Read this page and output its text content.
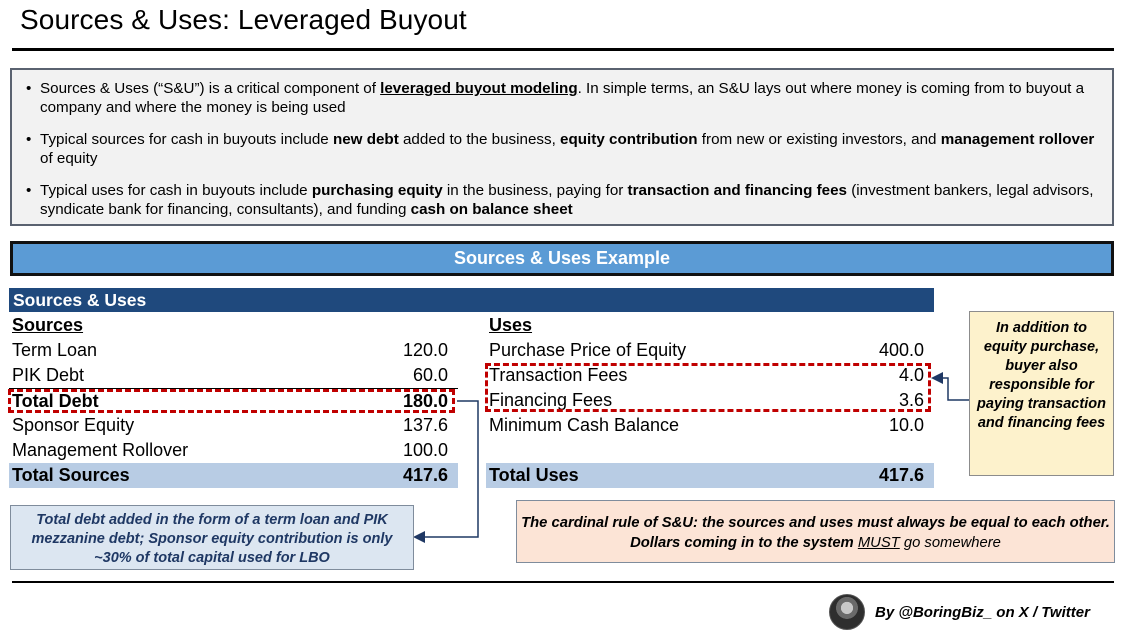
Sources & Uses: Leveraged Buyout
• Sources & Uses (“S&U”) is a critical component of leveraged buyout modeling. In simple terms, an S&U lays out where money is coming from to buyout a company and where the money is being used
• Typical sources for cash in buyouts include new debt added to the business, equity contribution from new or existing investors, and management rollover of equity
• Typical uses for cash in buyouts include purchasing equity in the business, paying for transaction and financing fees (investment bankers, legal advisors, syndicate bank for financing, consultants), and funding cash on balance sheet
Sources & Uses Example
Sources & Uses
Sources
Term Loan	120.0
PIK Debt	60.0
Total Debt	180.0
Sponsor Equity	137.6
Management Rollover	100.0
Total Sources	417.6
Uses
Purchase Price of Equity	400.0
Transaction Fees	4.0
Financing Fees	3.6
Minimum Cash Balance	10.0
Total Uses	417.6
Total debt added in the form of a term loan and PIK mezzanine debt; Sponsor equity contribution is only ~30% of total capital used for LBO
In addition to equity purchase, buyer also responsible for paying transaction and financing fees
The cardinal rule of S&U: the sources and uses must always be equal to each other. Dollars coming in to the system MUST go somewhere
By @BoringBiz_ on X / Twitter
